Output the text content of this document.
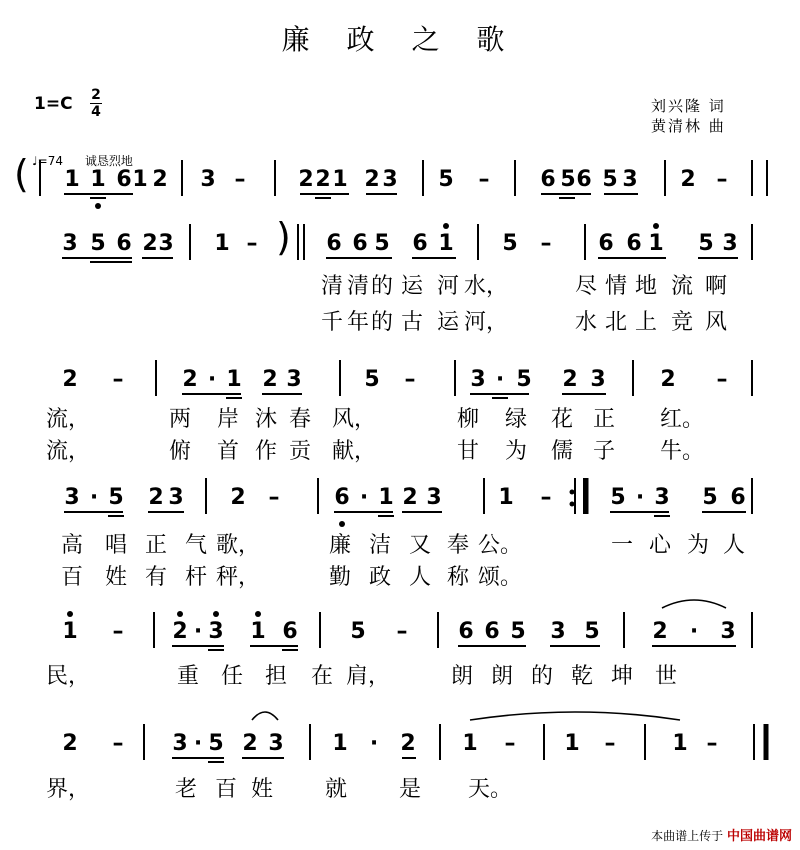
廉 政 之 歌
1=C 2
4	刘兴隆 词
黄清林 曲
♩=74 诚恳烈地
1 1 6 1 2 3 – 2 2 1 2 3 5 – 6 5 6 5 3 2 –
(
3 5 6 2 3 1 –	6 6 5 6 1 5 – 6 6 1 5 3
清 清 的 运 河 水，	尽 情 地 流 啊
千 年 的 古 运 河，	水 北 上 竞 风
)
2 –	2 · 1 2 3	5 – 3 · 5 2 3 2 –
流，	两 岸 沐 春 风，	柳 绿 花 正 红。
流，	俯 首 作 贡 献，	甘 为 儒 子 牛。
3 · 5 2 3 2 – 6 · 1 2 3	1 –	5 · 3 5 6
高 唱 正 气 歌，	廉 洁 又 奉 公。	一 心 为 人
百 姓 有 杆 秤，	勤 政 人 称 颂。
1 – 2 · 3 1 6 5 – 6 6 5 3 5 2 · 3
民，	重 任 担 在 肩，	朗 朗 的 乾 坤 世
2 – 3 · 5 2 3 1 · 2 1 – 1 –	1 –
界，	老 百 姓 就 是 天。
本曲谱上传于 中国曲谱网
